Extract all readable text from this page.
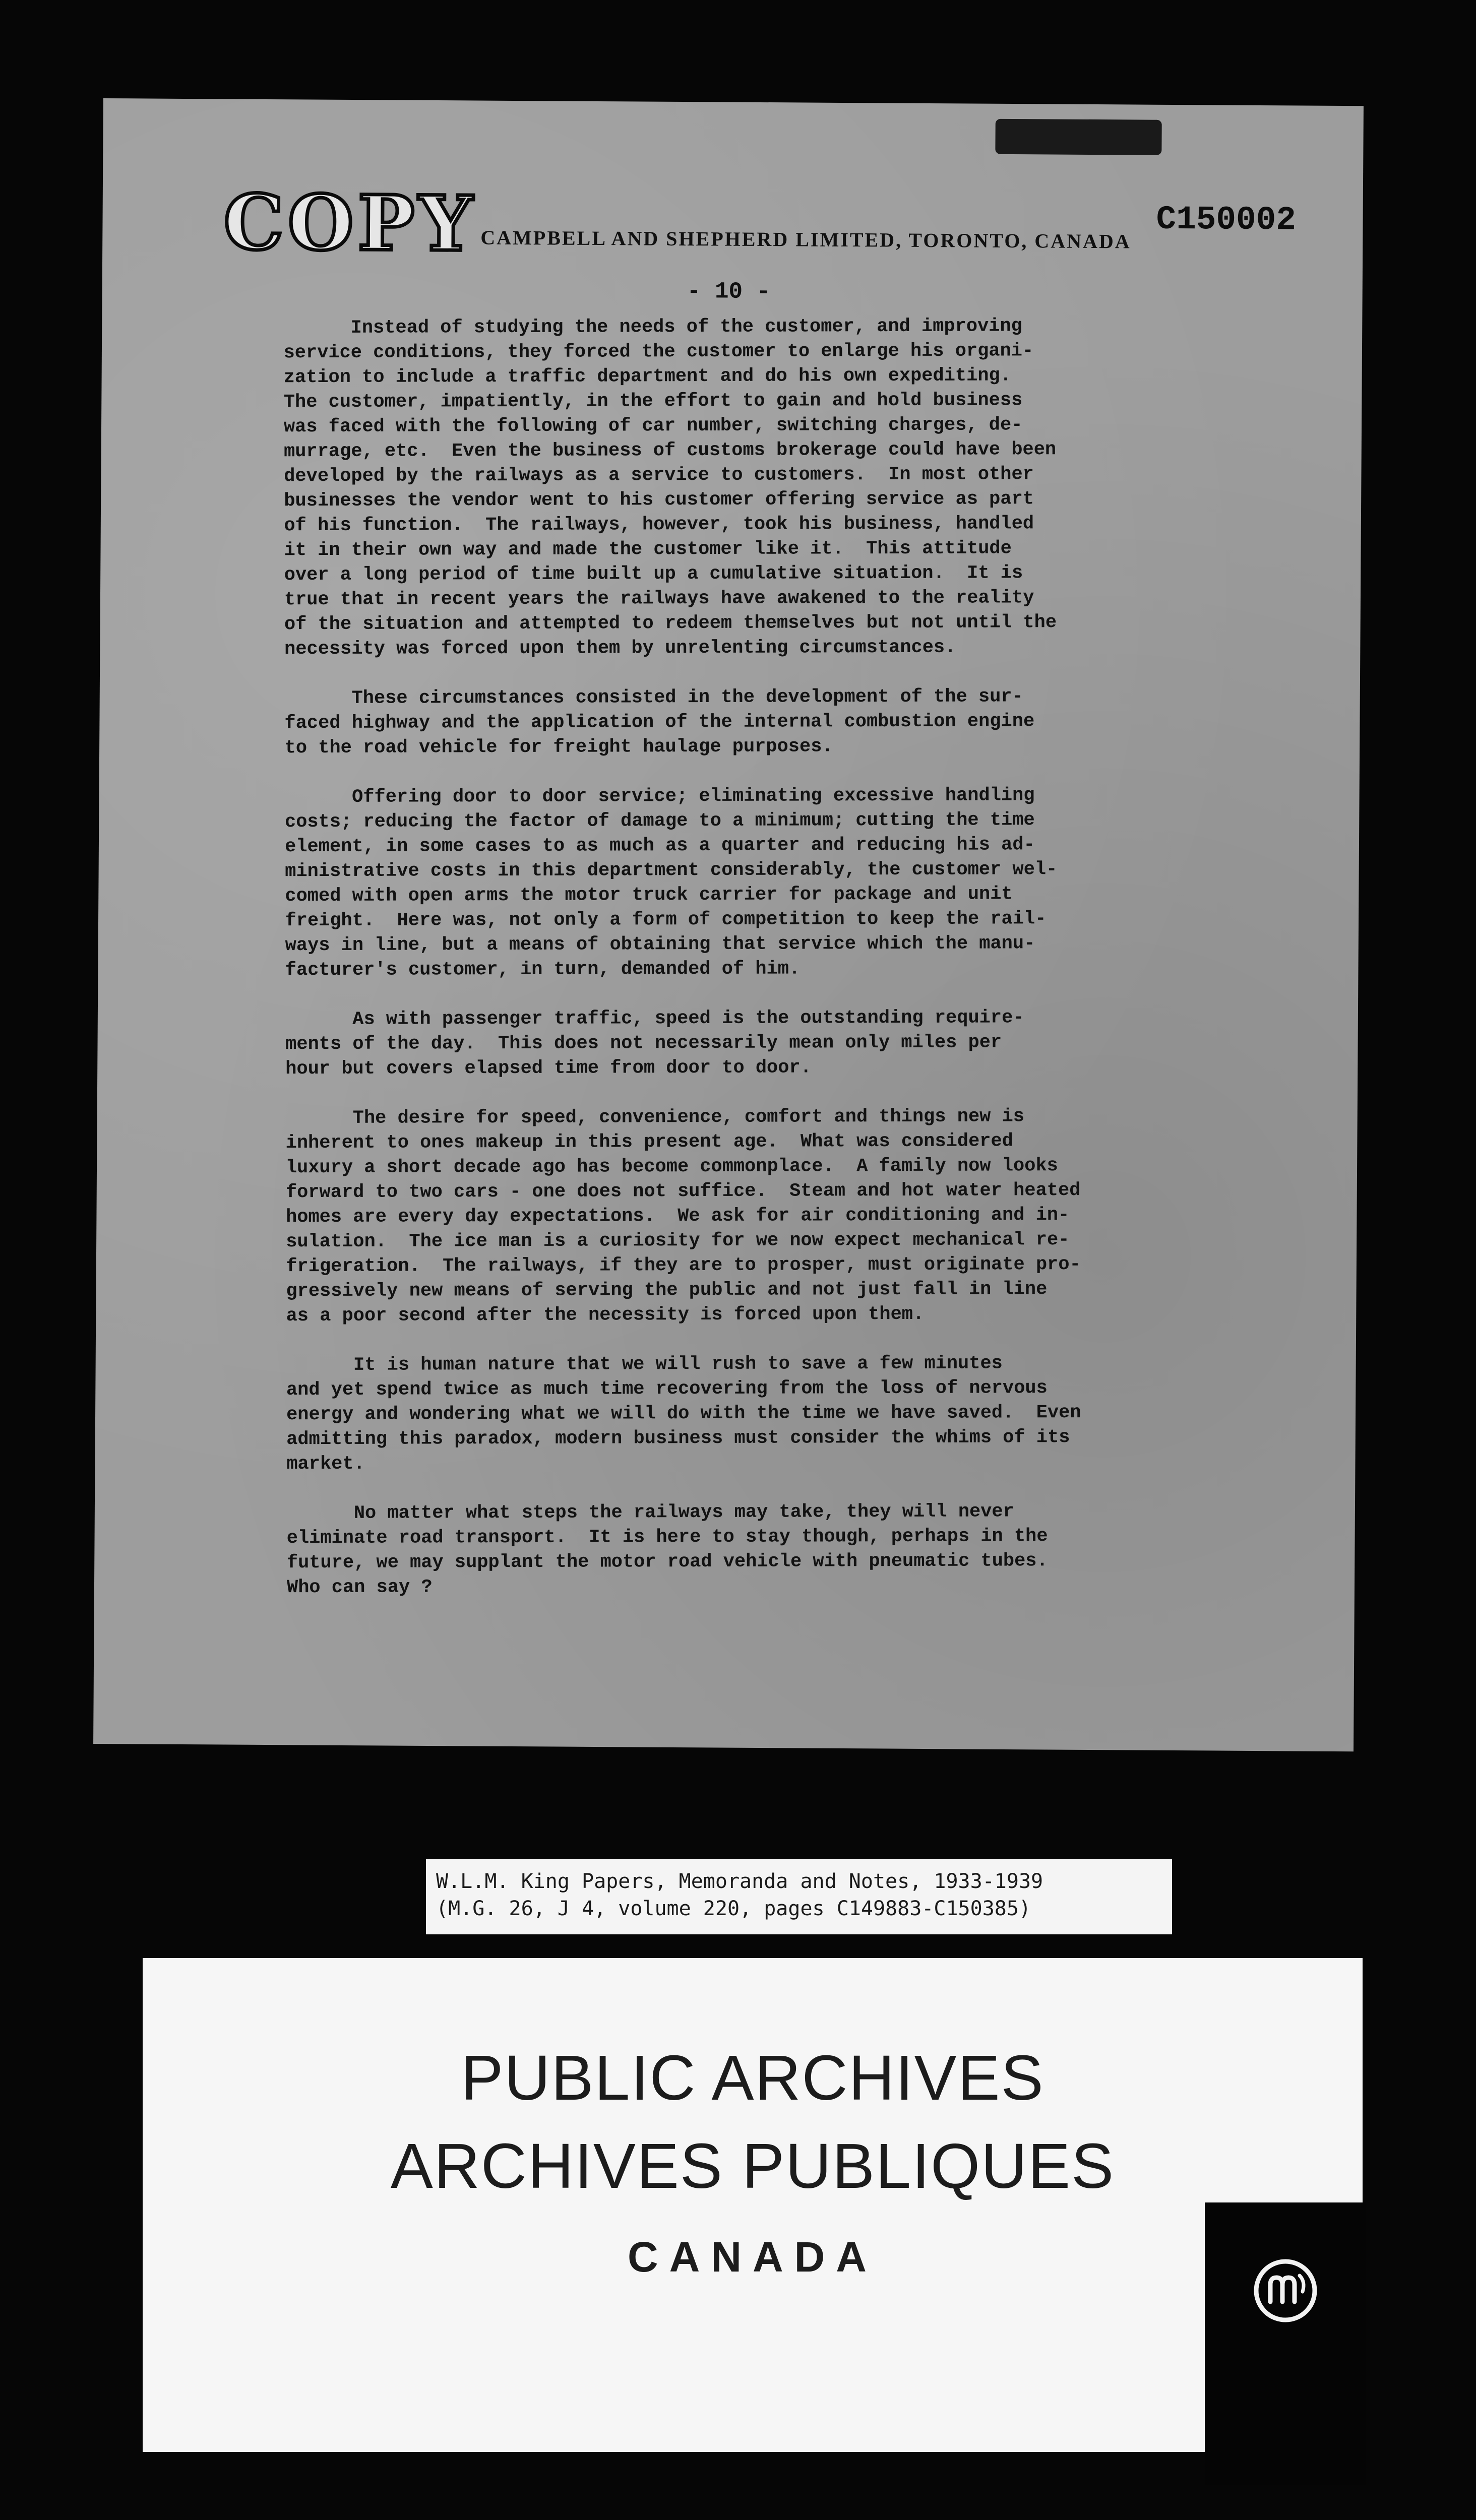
COPY CAMPBELL AND SHEPHERD LIMITED, TORONTO, CANADA
C150002
- 10 -

Instead of studying the needs of the customer, and improving
service conditions, they forced the customer to enlarge his organi-
zation to include a traffic department and do his own expediting.
The customer, impatiently, in the effort to gain and hold business
was faced with the following of car number, switching charges, de-
murrage, etc.  Even the business of customs brokerage could have been
developed by the railways as a service to customers.  In most other
businesses the vendor went to his customer offering service as part
of his function.  The railways, however, took his business, handled
it in their own way and made the customer like it.  This attitude
over a long period of time built up a cumulative situation.  It is
true that in recent years the railways have awakened to the reality
of the situation and attempted to redeem themselves but not until the
necessity was forced upon them by unrelenting circumstances.

These circumstances consisted in the development of the sur-
faced highway and the application of the internal combustion engine
to the road vehicle for freight haulage purposes.

Offering door to door service; eliminating excessive handling
costs; reducing the factor of damage to a minimum; cutting the time
element, in some cases to as much as a quarter and reducing his ad-
ministrative costs in this department considerably, the customer wel-
comed with open arms the motor truck carrier for package and unit
freight.  Here was, not only a form of competition to keep the rail-
ways in line, but a means of obtaining that service which the manu-
facturer's customer, in turn, demanded of him.

As with passenger traffic, speed is the outstanding require-
ments of the day.  This does not necessarily mean only miles per
hour but covers elapsed time from door to door.

The desire for speed, convenience, comfort and things new is
inherent to ones makeup in this present age.  What was considered
luxury a short decade ago has become commonplace.  A family now looks
forward to two cars - one does not suffice.  Steam and hot water heated
homes are every day expectations.  We ask for air conditioning and in-
sulation.  The ice man is a curiosity for we now expect mechanical re-
frigeration.  The railways, if they are to prosper, must originate pro-
gressively new means of serving the public and not just fall in line
as a poor second after the necessity is forced upon them.

It is human nature that we will rush to save a few minutes
and yet spend twice as much time recovering from the loss of nervous
energy and wondering what we will do with the time we have saved.  Even
admitting this paradox, modern business must consider the whims of its
market.

No matter what steps the railways may take, they will never
eliminate road transport.  It is here to stay though, perhaps in the
future, we may supplant the motor road vehicle with pneumatic tubes.
Who can say ?

W.L.M. King Papers, Memoranda and Notes, 1933-1939
(M.G. 26, J 4, volume 220, pages C149883-C150385)
PUBLIC ARCHIVES
ARCHIVES PUBLIQUES
CANADA
